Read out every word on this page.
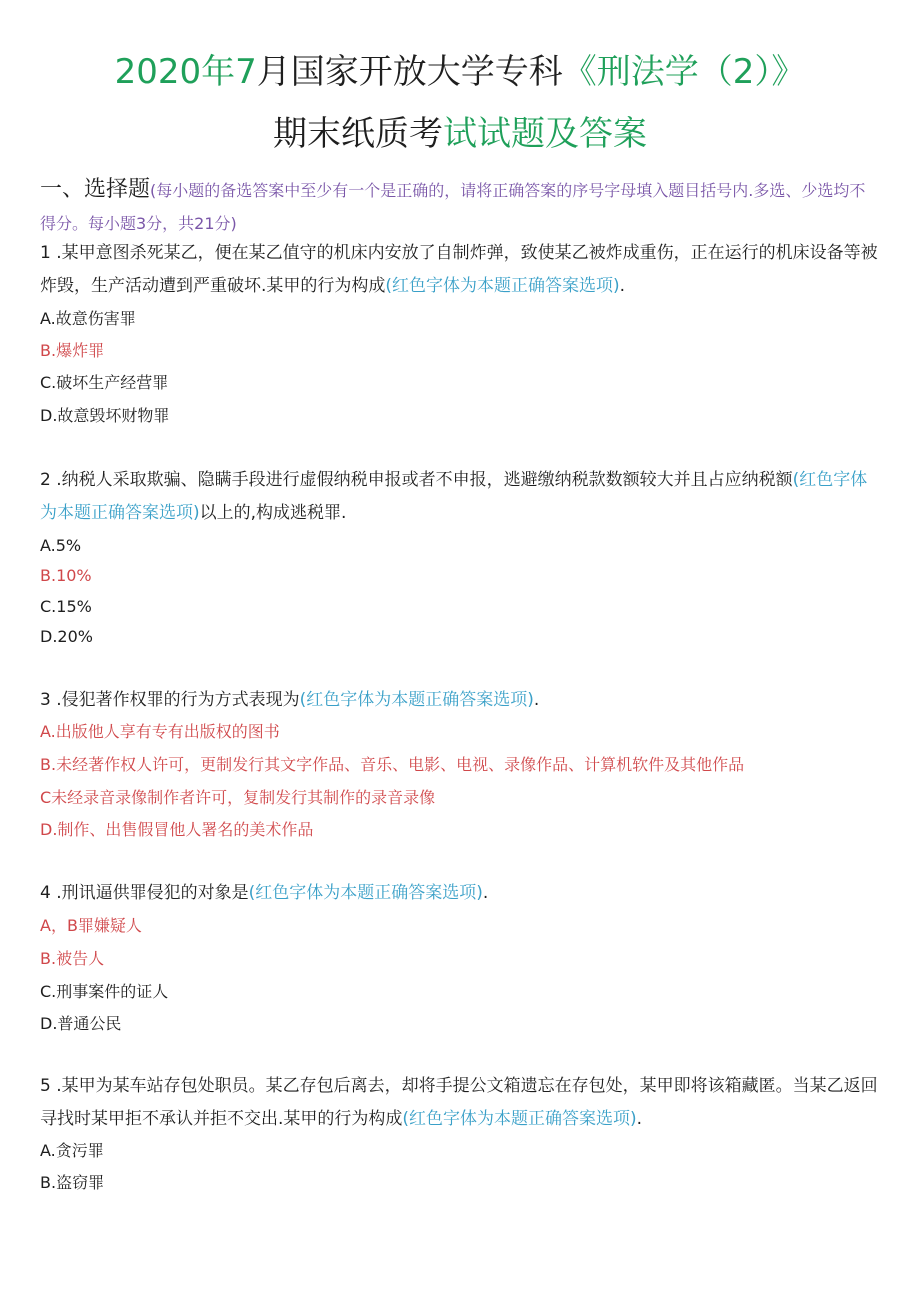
2020年7月国家开放大学专科《刑法学（2）》
期末纸质考试试题及答案
一、选择题(每小题的备选答案中至少有一个是正确的，请将正确答案的序号字母填入题目括号内.多选、少选均不得分。每小题3分，共21分)
1 .某甲意图杀死某乙，便在某乙值守的机床内安放了自制炸弹，致使某乙被炸成重伤，正在运行的机床设备等被炸毁，生产活动遭到严重破坏.某甲的行为构成(红色字体为本题正确答案选项).
A.故意伤害罪
B.爆炸罪
C.破坏生产经营罪
D.故意毁坏财物罪
2 .纳税人采取欺骗、隐瞒手段进行虚假纳税申报或者不申报，逃避缴纳税款数额较大并且占应纳税额(红色字体为本题正确答案选项)以上的,构成逃税罪.
A.5%
B.10%
C.15%
D.20%
3 .侵犯著作权罪的行为方式表现为(红色字体为本题正确答案选项).
A.出版他人享有专有出版权的图书
B.未经著作权人许可，更制发行其文字作品、音乐、电影、电视、录像作品、计算机软件及其他作品
C未经录音录像制作者许可，复制发行其制作的录音录像
D.制作、出售假冒他人署名的美术作品
4 .刑讯逼供罪侵犯的对象是(红色字体为本题正确答案选项).
A，B罪嫌疑人
B.被告人
C.刑事案件的证人
D.普通公民
5 .某甲为某车站存包处职员。某乙存包后离去，却将手提公文箱遗忘在存包处，某甲即将该箱藏匿。当某乙返回寻找时某甲拒不承认并拒不交出.某甲的行为构成(红色字体为本题正确答案选项).
A.贪污罪
B.盗窃罪
